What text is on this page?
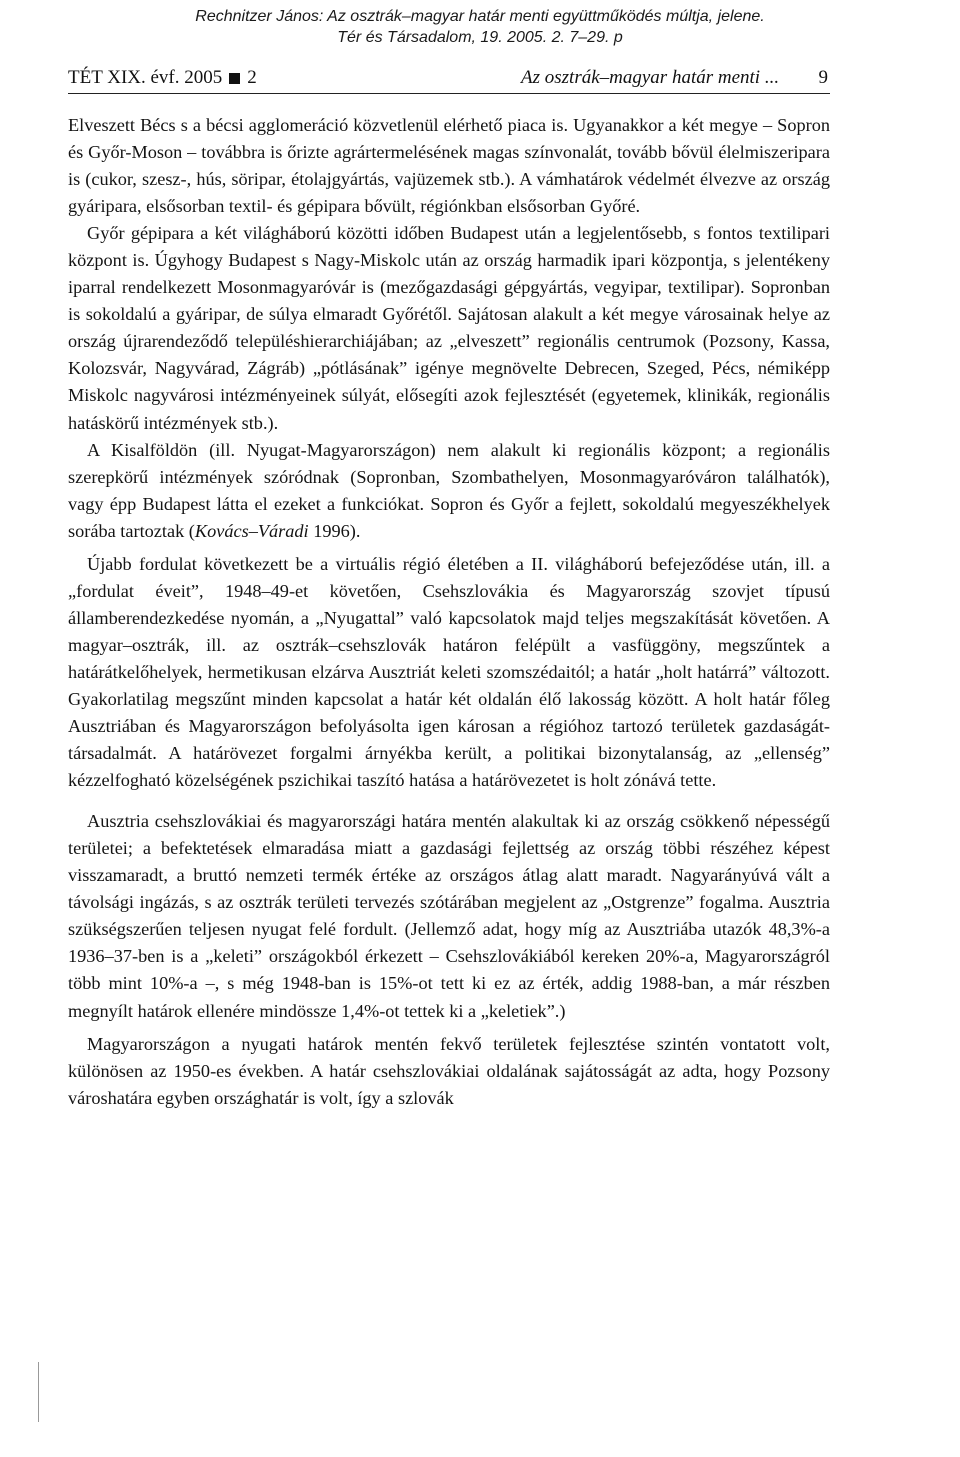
Rechnitzer János: Az osztrák–magyar határ menti együttműködés múltja, jelene.
Tér és Társadalom, 19. 2005. 2. 7–29. p
TÉT XIX. évf. 2005 2	Az osztrák–magyar határ menti ... 9

Elveszett Bécs s a bécsi agglomeráció közvetlenül elérhető piaca is. Ugyanakkor a két megye – Sopron és Győr-Moson – továbbra is őrizte agrártermelésének magas színvonalát, tovább bővül élelmiszeripara is (cukor, szesz-, hús, söripar, étolajgyártás, vajüzemek stb.). A vámhatárok védelmét élvezve az ország gyáripara, elsősorban textil- és gépipara bővült, régiónkban elsősorban Győré.

Győr gépipara a két világháború közötti időben Budapest után a legjelentősebb, s fontos textilipari központ is. Úgyhogy Budapest s Nagy-Miskolc után az ország harmadik ipari központja, s jelentékeny iparral rendelkezett Mosonmagyaróvár is (mezőgazdasági gépgyártás, vegyipar, textilipar). Sopronban is sokoldalú a gyáripar, de súlya elmaradt Győrétől. Sajátosan alakult a két megye városainak helye az ország újrarendeződő településhierarchiájában; az „elveszett” regionális centrumok (Pozsony, Kassa, Kolozsvár, Nagyvárad, Zágráb) „pótlásának” igénye megnövelte Debrecen, Szeged, Pécs, némiképp Miskolc nagyvárosi intézményeinek súlyát, elősegíti azok fejlesztését (egyetemek, klinikák, regionális hatáskörű intézmények stb.).

A Kisalföldön (ill. Nyugat-Magyarországon) nem alakult ki regionális központ; a regionális szerepkörű intézmények szóródnak (Sopronban, Szombathelyen, Mosonmagyaróváron találhatók), vagy épp Budapest látta el ezeket a funkciókat. Sopron és Győr a fejlett, sokoldalú megyeszékhelyek sorába tartoztak (Kovács–Váradi 1996).

Újabb fordulat következett be a virtuális régió életében a II. világháború befejeződése után, ill. a „fordulat éveit”, 1948–49-et követően, Csehszlovákia és Magyarország szovjet típusú államberendezkedése nyomán, a „Nyugattal” való kapcsolatok majd teljes megszakítását követően. A magyar–osztrák, ill. az osztrák–csehszlovák határon felépült a vasfüggöny, megszűntek a határátkelőhelyek, hermetikusan elzárva Ausztriát keleti szomszédaitól; a határ „holt határrá” változott. Gyakorlatilag megszűnt minden kapcsolat a határ két oldalán élő lakosság között. A holt határ főleg Ausztriában és Magyarországon befolyásolta igen károsan a régióhoz tartozó területek gazdaságát-társadalmát. A határövezet forgalmi árnyékba került, a politikai bizonytalanság, az „ellenség” kézzelfogható közelségének pszichikai taszító hatása a határövezetet is holt zónává tette.

Ausztria csehszlovákiai és magyarországi határa mentén alakultak ki az ország csökkenő népességű területei; a befektetések elmaradása miatt a gazdasági fejlettség az ország többi részéhez képest visszamaradt, a bruttó nemzeti termék értéke az országos átlag alatt maradt. Nagyarányúvá vált a távolsági ingázás, s az osztrák területi tervezés szótárában megjelent az „Ostgrenze” fogalma. Ausztria szükségszerűen teljesen nyugat felé fordult. (Jellemző adat, hogy míg az Ausztriába utazók 48,3%-a 1936–37-ben is a „keleti” országokból érkezett – Csehszlovákiából kereken 20%-a, Magyarországról több mint 10%-a –, s még 1948-ban is 15%-ot tett ki ez az érték, addig 1988-ban, a már részben megnyílt határok ellenére mindössze 1,4%-ot tettek ki a „keletiek”.)

Magyarországon a nyugati határok mentén fekvő területek fejlesztése szintén vontatott volt, különösen az 1950-es években. A határ csehszlovákiai oldalának sajátosságát az adta, hogy Pozsony városhatára egyben országhatár is volt, így a szlovák
